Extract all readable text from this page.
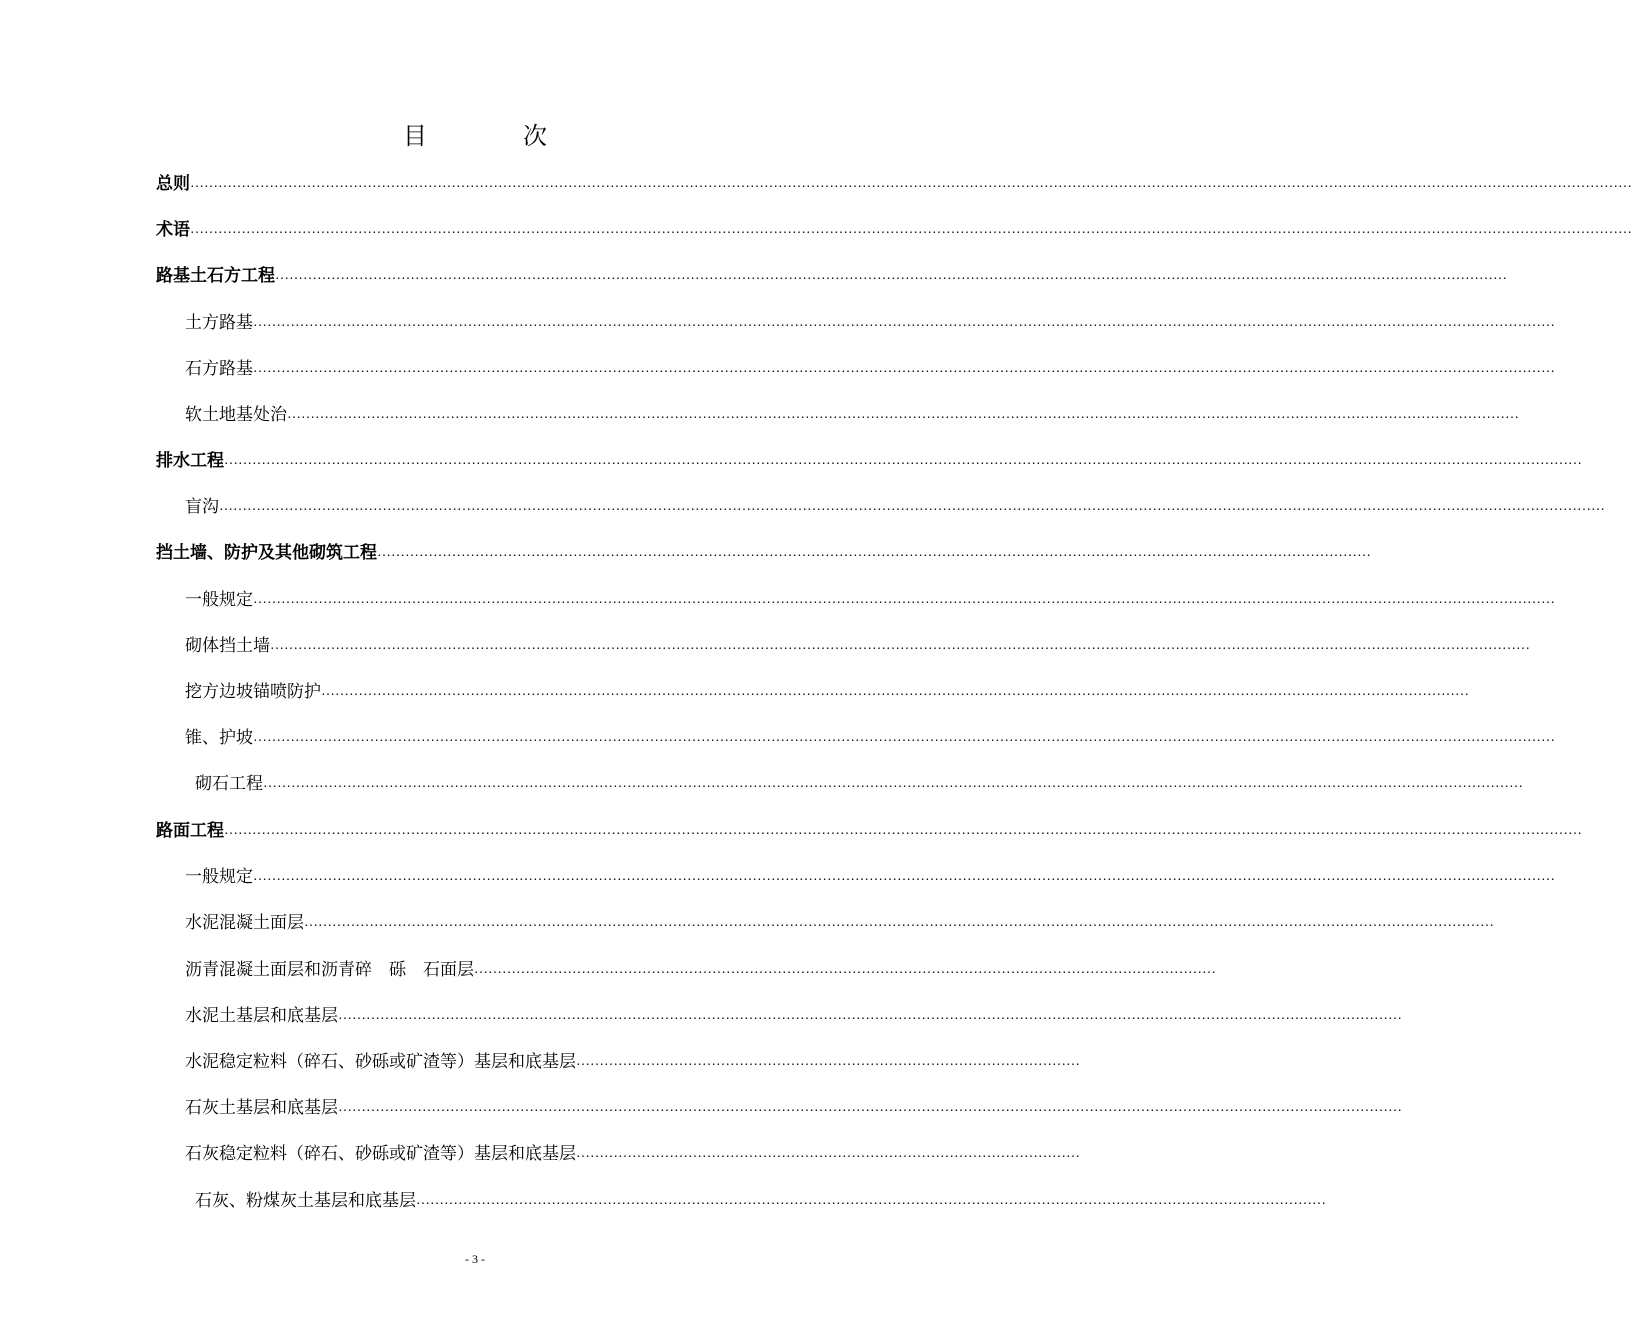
目　次
总则 …………………………………………………………………………………………………………………………………………………………………………………………………………………………………………………………………………………
术语 …………………………………………………………………………………………………………………………………………………………………………………………………………………………………………………………………………………
路基土石方工程 …………………………………………………………………………………………………………………………………………………………………………………………………………………………………………
土方路基 ………………………………………………………………………………………………………………………………………………………………………………………………………………………………………………………
石方路基 ………………………………………………………………………………………………………………………………………………………………………………………………………………………………………………………
软土地基处治 …………………………………………………………………………………………………………………………………………………………………………………………………………………………………………
排水工程 …………………………………………………………………………………………………………………………………………………………………………………………………………………………………………………………………
盲沟 ………………………………………………………………………………………………………………………………………………………………………………………………………………………………………………………………………
挡土墙、防护及其他砌筑工程 ……………………………………………………………………………………………………………………………………………………………………………………………
一般规定 ………………………………………………………………………………………………………………………………………………………………………………………………………………………………………………………
砌体挡土墙 ………………………………………………………………………………………………………………………………………………………………………………………………………………………………………………
挖方边坡锚喷防护 …………………………………………………………………………………………………………………………………………………………………………………………………………………………
锥、护坡 ………………………………………………………………………………………………………………………………………………………………………………………………………………………………………………………
砌石工程 ………………………………………………………………………………………………………………………………………………………………………………………………………………………………………………
路面工程 …………………………………………………………………………………………………………………………………………………………………………………………………………………………………………………………………
一般规定 ………………………………………………………………………………………………………………………………………………………………………………………………………………………………………………………
水泥混凝土面层 …………………………………………………………………………………………………………………………………………………………………………………………………………………………………
沥青混凝土面层和沥青碎　砾　石面层 ……………………………………………………………………………………………………………………………………………
水泥土基层和底基层 …………………………………………………………………………………………………………………………………………………………………………………………………………
水泥稳定粒料（碎石、砂砾或矿渣等）基层和底基层 ………………………………………………………………………………………………
石灰土基层和底基层 …………………………………………………………………………………………………………………………………………………………………………………………………………
石灰稳定粒料（碎石、砂砾或矿渣等）基层和底基层 ………………………………………………………………………………………………
石灰、粉煤灰土基层和底基层 ……………………………………………………………………………………………………………………………………………………………………………
- 3 -
